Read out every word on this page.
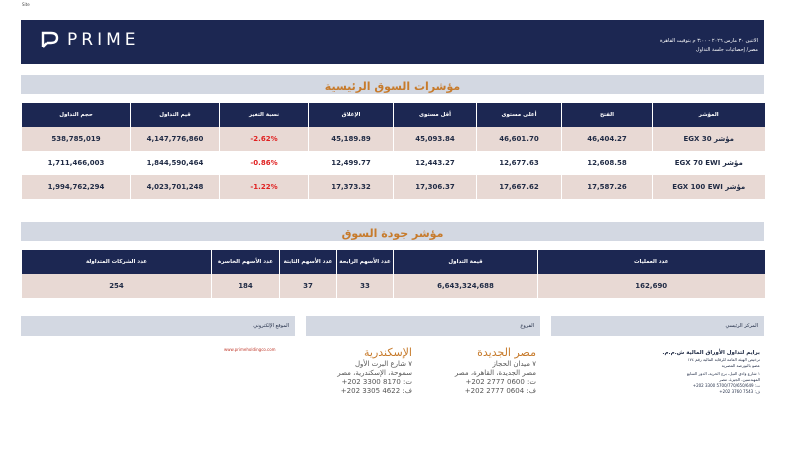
Site
PRIME	الاثنين ٣٠ مارس ٢٠٢٦ - ٣:٠٠ م بتوقيت القاهرة
مصر/ إحصائيات جلسة التداول
مؤشرات السوق الرئيسية
حجم التداول	قيم التداول	نسبة التغير	الإغلاق	أقل مستوى	أعلى مستوى	الفتح	المؤشر
538,785,019	4,147,776,860	-2.62%	45,189.89	45,093.84	46,601.70	46,404.27	مؤشر EGX 30
1,711,466,003	1,844,590,464	-0.86%	12,499.77	12,443.27	12,677.63	12,608.58	مؤشر EGX 70 EWI
1,994,762,294	4,023,701,248	-1.22%	17,373.32	17,306.37	17,667.62	17,587.26	مؤشر EGX 100 EWI
مؤشر جودة السوق
عدد الشركات المتداولة	عدد الأسهم الخاسرة	عدد الأسهم الثابتة	عدد الأسهم الرابحة	قيمة التداول	عدد العمليات
254	184	37	33	6,643,324,688	162,690
الموقع الإلكتروني	الفروع	المركز الرئيسي
www.primeholdingco.com	مصر الجديدة
٧ ميدان الحجاز
مصر الجديدة، القاهرة، مصر
ت: 0600 2777 202+
ف: 0604 2777 202+
الإسكندرية
٧ شارع البرت الأول
سموحة، الإسكندرية، مصر
ت: 8170 3300 202+
ف: 4622 3305 202+
برايم لتداول الأوراق المالية ش.م.م.
ترخيص الهيئة العامة للرقابة المالية رقم ١٧٤
عضو بالبورصة المصرية
١ شارع وادي النيل، برج الحرية، الدور السابع
المهندسين، الجيزة، مصر
ت: 5700/770/650/649 3300 202+
ف: 7543 3760 202+
